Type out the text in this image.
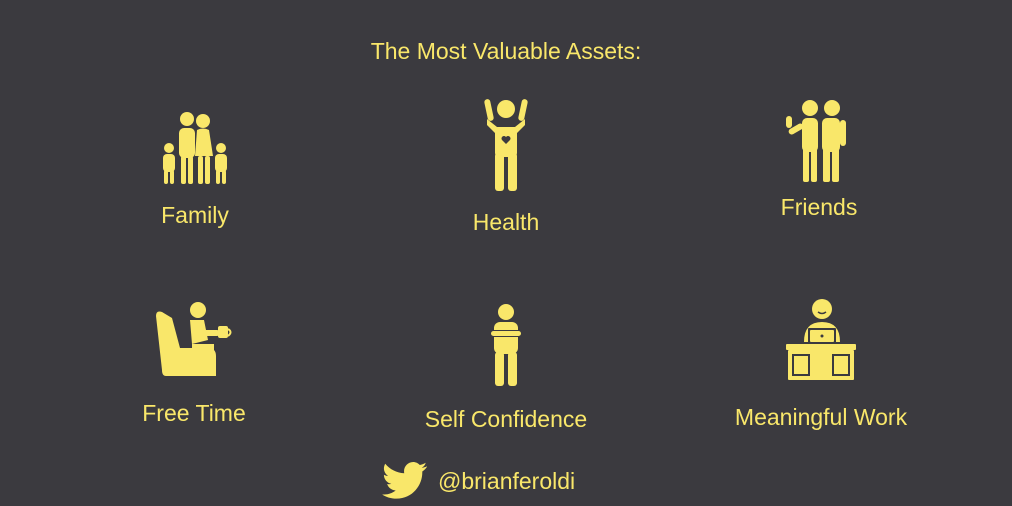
The Most Valuable Assets:
Family	Health
Friends
Free Time	Self Confidence	Meaningful Work
@brianferoldi
